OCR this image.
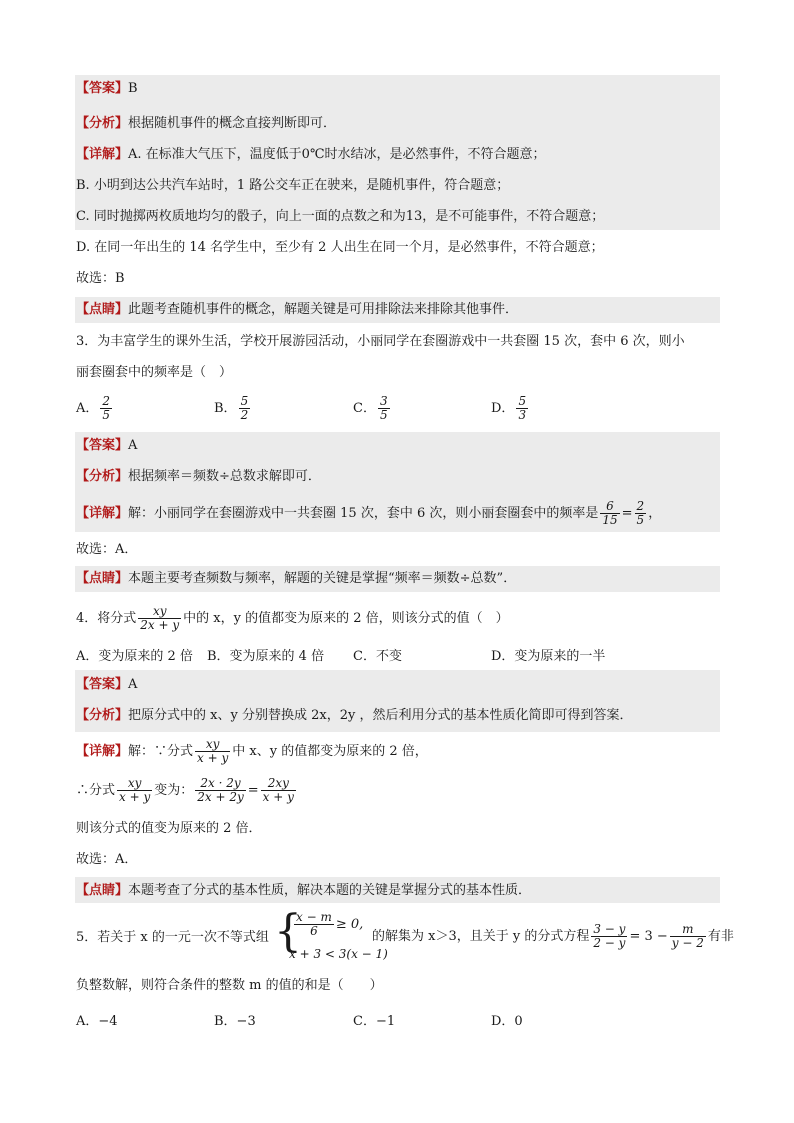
【答案】B
【分析】根据随机事件的概念直接判断即可．
【详解】A. 在标准大气压下，温度低于0℃时水结冰，是必然事件，不符合题意；
B. 小明到达公共汽车站时，1 路公交车正在驶来，是随机事件，符合题意；
C. 同时抛掷两枚质地均匀的骰子，向上一面的点数之和为13，是不可能事件，不符合题意；
D. 在同一年出生的 14 名学生中，至少有 2 人出生在同一个月，是必然事件，不符合题意；
故选：B
【点睛】此题考查随机事件的概念，解题关键是可用排除法来排除其他事件．
3．为丰富学生的课外生活，学校开展游园活动，小丽同学在套圈游戏中一共套圈 15 次，套中 6 次，则小
丽套圈套中的频率是（　）
A． $\frac{2}{5}$	B． $\frac{5}{2}$	C． $\frac{3}{5}$	D． $\frac{5}{3}$
【答案】A
【分析】根据频率＝频数÷总数求解即可．
【详解】解：小丽同学在套圈游戏中一共套圈 15 次，套中 6 次，则小丽套圈套中的频率是 $\frac{6}{15} = \frac{2}{5}$ ，
故选：A．
【点睛】本题主要考查频数与频率，解题的关键是掌握“频率＝频数÷总数”．
4．将分式 $\frac{xy}{2x + y}$ 中的 x，y 的值都变为原来的 2 倍，则该分式的值（　）
A．变为原来的 2 倍 B．变为原来的 4 倍 C．不变	D．变为原来的一半
【答案】A
【分析】把原分式中的 x、y 分别替换成 2x，2y ，然后利用分式的基本性质化简即可得到答案．
【详解】解：∵分式 $\frac{xy}{x + y}$ 中 x、y 的值都变为原来的 2 倍，
∴分式 $\frac{xy}{x + y}$ 变为： $\frac{2x \cdot 2y}{2x + 2y} = \frac{2xy}{x + y}$
则该分式的值变为原来的 2 倍．
故选：A．
【点睛】本题考查了分式的基本性质，解决本题的关键是掌握分式的基本性质．
5．若关于 x 的一元一次不等式组 {
$\frac{x - m}{6} \ge 0$,
x + 3 < 3(x − 1)
的解集为 x＞3，且关于 y 的分式方程 $\frac{3 - y}{2 - y} = 3 - \frac{m}{y - 2}$ 有非
负整数解，则符合条件的整数 m 的值的和是（　　）
A．−4	B．−3	C．−1	D．0
